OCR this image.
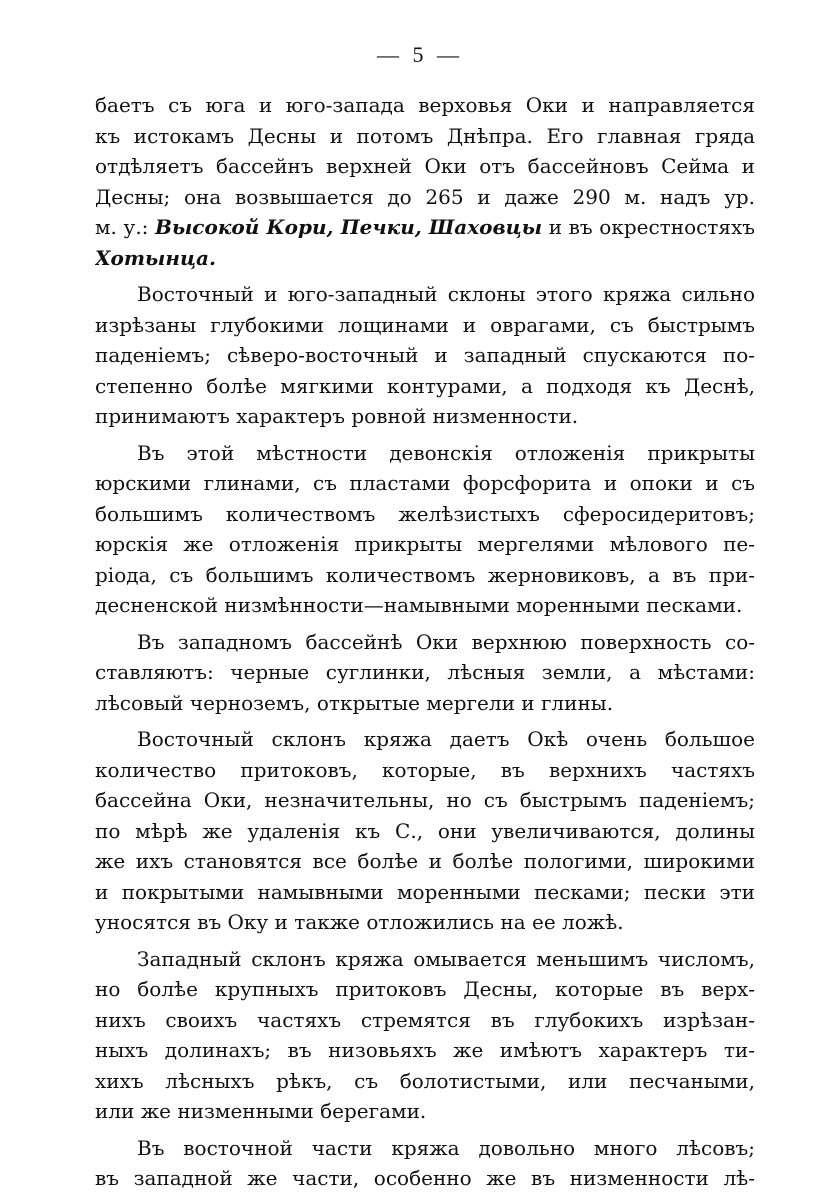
— 5 —
баетъ съ юга и юго-запада верховья Оки и направляется
къ истокамъ Десны и потомъ Днѣпра. Его главная гряда
отдѣляетъ бассейнъ верхней Оки отъ бассейновъ Сейма и
Десны; она возвышается до 265 и даже 290 м. надъ ур.
м. у.: Высокой Кори, Печки, Шаховцы и въ окрестностяхъ
Хотынца.
Восточный и юго-западный склоны этого кряжа сильно
изрѣзаны глубокими лощинами и оврагами, съ быстрымъ
паденіемъ; сѣверо-восточный и западный спускаются по-
степенно болѣе мягкими контурами, а подходя къ Деснѣ,
принимаютъ характеръ ровной низменности.
Въ этой мѣстности девонскія отложенія прикрыты
юрскими глинами, съ пластами форсфорита и опоки и съ
большимъ количествомъ желѣзистыхъ сферосидеритовъ;
юрскія же отложенія прикрыты мергелями мѣлового пе-
ріода, съ большимъ количествомъ жерновиковъ, а въ при-
десненской низмѣнности—намывными моренными песками.
Въ западномъ бассейнѣ Оки верхнюю поверхность со-
ставляютъ: черные суглинки, лѣсныя земли, а мѣстами:
лѣсовый черноземъ, открытые мергели и глины.
Восточный склонъ кряжа даетъ Окѣ очень большое
количество притоковъ, которые, въ верхнихъ частяхъ
бассейна Оки, незначительны, но съ быстрымъ паденіемъ;
по мѣрѣ же удаленія къ С., они увеличиваются, долины
же ихъ становятся все болѣе и болѣе пологими, широкими
и покрытыми намывными моренными песками; пески эти
уносятся въ Оку и также отложились на ее ложѣ.
Западный склонъ кряжа омывается меньшимъ числомъ,
но болѣе крупныхъ притоковъ Десны, которые въ верх-
нихъ своихъ частяхъ стремятся въ глубокихъ изрѣзан-
ныхъ долинахъ; въ низовьяхъ же имѣютъ характеръ ти-
хихъ лѣсныхъ рѣкъ, съ болотистыми, или песчаными,
или же низменными берегами.
Въ восточной части кряжа довольно много лѣсовъ;
въ западной же части, особенно же въ низменности лѣ-
